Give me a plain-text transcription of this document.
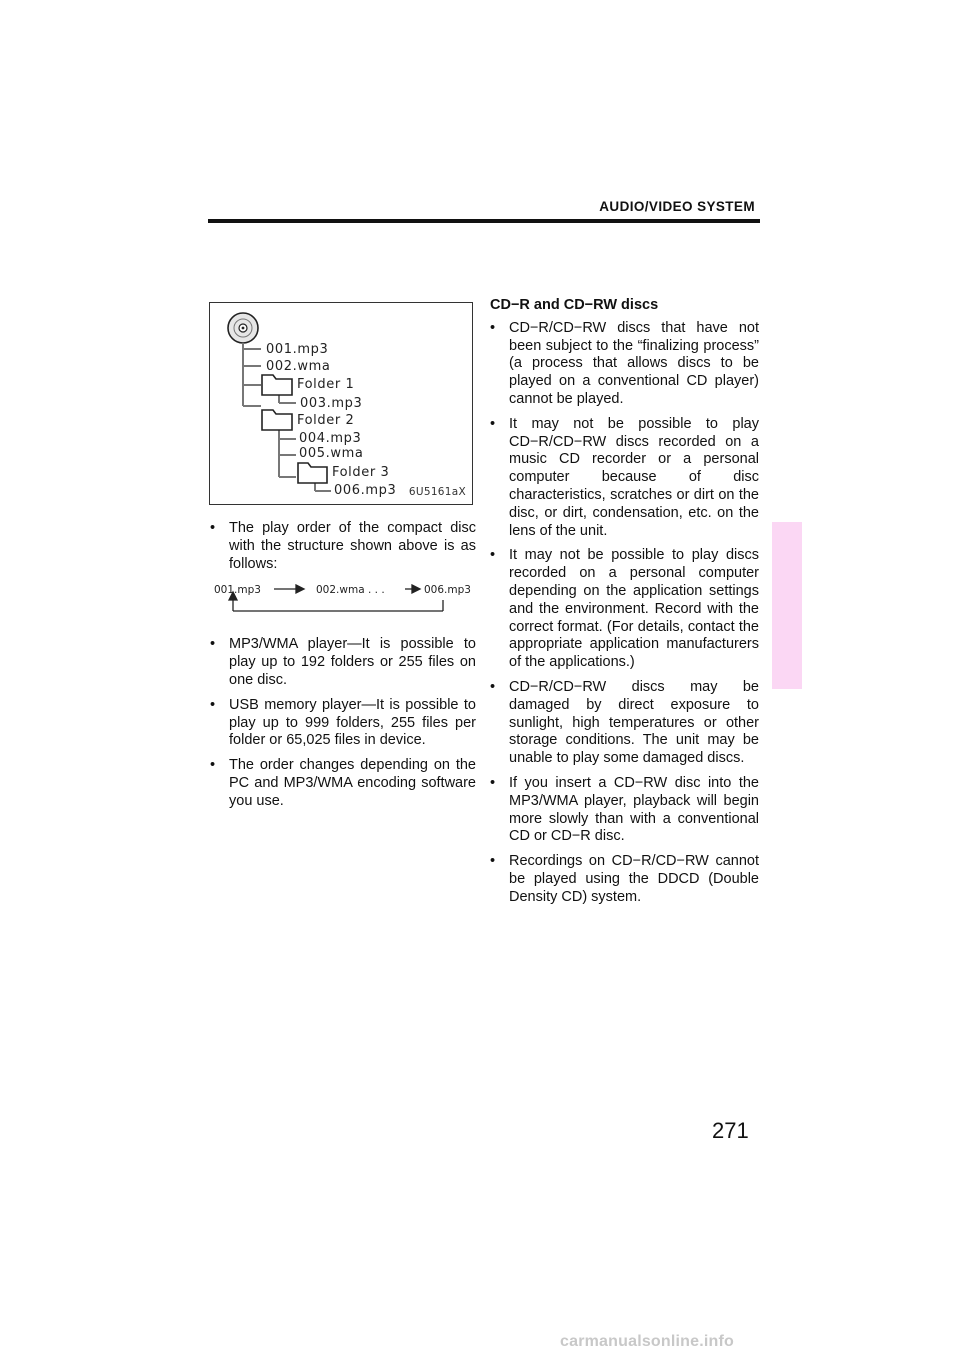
AUDIO/VIDEO SYSTEM
001.mp3
002.wma
Folder 1
003.mp3
Folder 2
004.mp3
005.wma
Folder 3
006.mp3 6U5161aX
• The play order of the compact disc with the structure shown above is as follows:
001.mp3	002.wma . . .	006.mp3
• MP3/WMA player—It is possible to play up to 192 folders or 255 files on one disc.
• USB memory player—It is possible to play up to 999 folders, 255 files per folder or 65,025 files in device.
• The order changes depending on the PC and MP3/WMA encoding software you use.
CD−R and CD−RW discs
• CD−R/CD−RW discs that have not been subject to the “finalizing process” (a process that allows discs to be played on a conventional CD player) cannot be played.
• It may not be possible to play CD−R/CD−RW discs recorded on a music CD recorder or a personal computer because of disc characteristics, scratches or dirt on the disc, or dirt, condensation, etc. on the lens of the unit.
• It may not be possible to play discs recorded on a personal computer depending on the application settings and the environment. Record with the correct format. (For details, contact the appropriate application manufacturers of the applications.)
• CD−R/CD−RW discs may be damaged by direct exposure to sunlight, high temperatures or other storage conditions. The unit may be unable to play some damaged discs.
• If you insert a CD−RW disc into the MP3/WMA player, playback will begin more slowly than with a conventional CD or CD−R disc.
• Recordings on CD−R/CD−RW cannot be played using the DDCD (Double Density CD) system.
271
carmanualsonline.info
